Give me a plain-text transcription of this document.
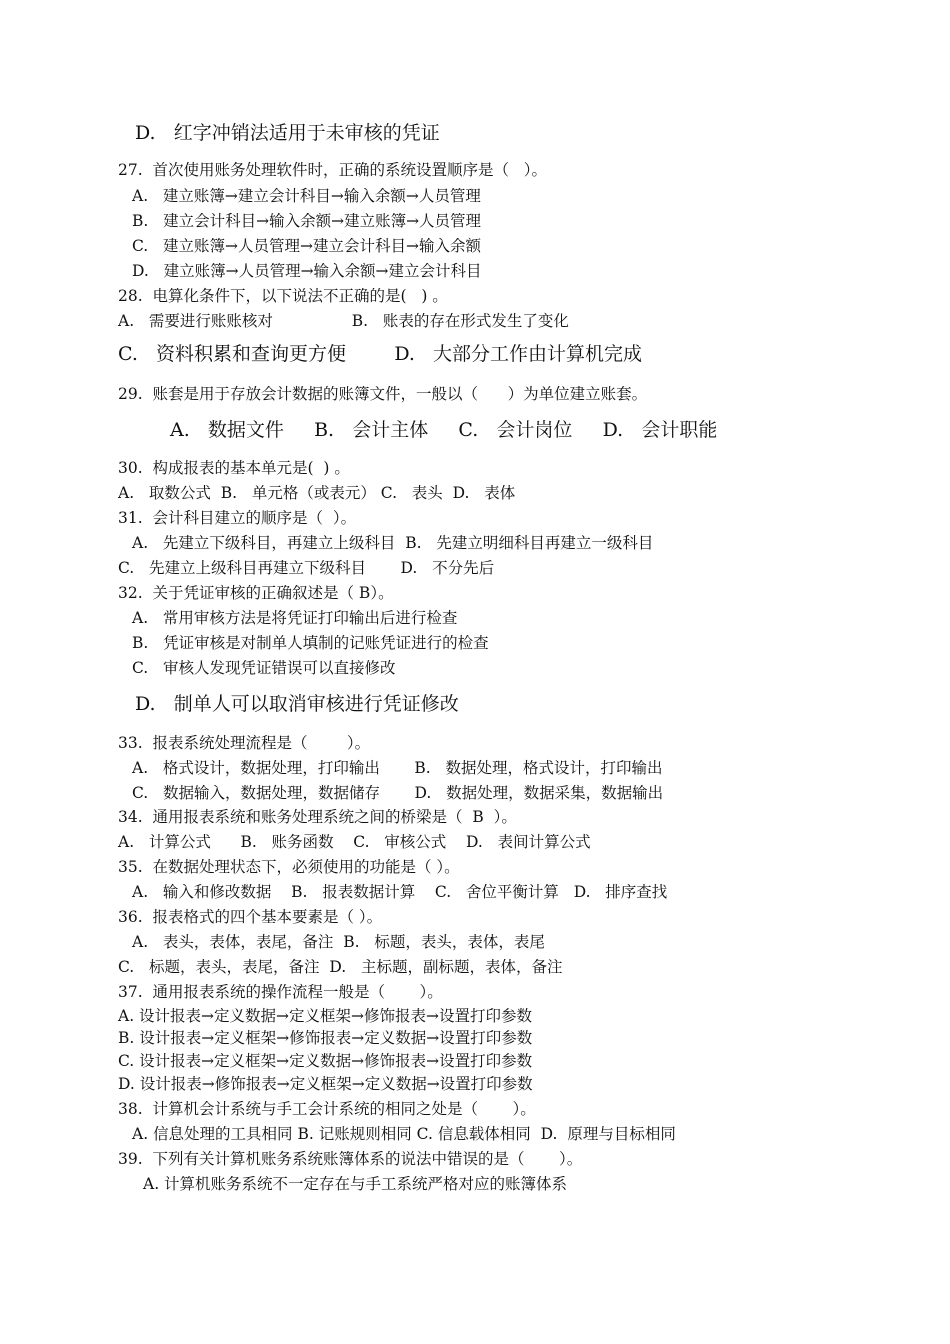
D.   红字冲销法适用于未审核的凭证
27.  首次使用账务处理软件时，正确的系统设置顺序是（   ）。
A.   建立账簿→建立会计科目→输入余额→人员管理
B.   建立会计科目→输入余额→建立账簿→人员管理
C.   建立账簿→人员管理→建立会计科目→输入余额
D.   建立账簿→人员管理→输入余额→建立会计科目
28.  电算化条件下，以下说法不正确的是(   ) 。
A.   需要进行账账核对                B.   账表的存在形式发生了变化
C.   资料积累和查询更方便        D.   大部分工作由计算机完成
29.  账套是用于存放会计数据的账簿文件，一般以（      ）为单位建立账套。
A.   数据文件     B.   会计主体     C.   会计岗位     D.   会计职能
30.  构成报表的基本单元是(  ) 。
A.   取数公式  B.   单元格（或表元） C.   表头  D.   表体
31.  会计科目建立的顺序是（  ）。
A.   先建立下级科目，再建立上级科目  B.   先建立明细科目再建立一级科目
C.   先建立上级科目再建立下级科目       D.   不分先后
32.  关于凭证审核的正确叙述是（ B）。
A.   常用审核方法是将凭证打印输出后进行检查
B.   凭证审核是对制单人填制的记账凭证进行的检查
C.   审核人发现凭证错误可以直接修改
D.   制单人可以取消审核进行凭证修改
33.  报表系统处理流程是（        ）。
A.   格式设计，数据处理，打印输出       B.   数据处理，格式设计，打印输出
C.   数据输入，数据处理，数据储存       D.   数据处理，数据采集，数据输出
34.  通用报表系统和账务处理系统之间的桥梁是（  B  ）。
A.   计算公式      B.   账务函数    C.   审核公式    D.   表间计算公式
35.  在数据处理状态下，必须使用的功能是（ ）。
A.   输入和修改数据    B.   报表数据计算    C.   舍位平衡计算   D.   排序查找
36.  报表格式的四个基本要素是（ ）。
A.   表头，表体，表尾，备注  B.   标题，表头，表体，表尾
C.   标题，表头，表尾，备注  D.   主标题，副标题，表体，备注
37.  通用报表系统的操作流程一般是（       ）。
A. 设计报表→定义数据→定义框架→修饰报表→设置打印参数
B. 设计报表→定义框架→修饰报表→定义数据→设置打印参数
C. 设计报表→定义框架→定义数据→修饰报表→设置打印参数
D. 设计报表→修饰报表→定义框架→定义数据→设置打印参数
38.  计算机会计系统与手工会计系统的相同之处是（       ）。
A. 信息处理的工具相同 B. 记账规则相同 C. 信息载体相同  D.  原理与目标相同
39.  下列有关计算机账务系统账簿体系的说法中错误的是（       ）。
A. 计算机账务系统不一定存在与手工系统严格对应的账簿体系
